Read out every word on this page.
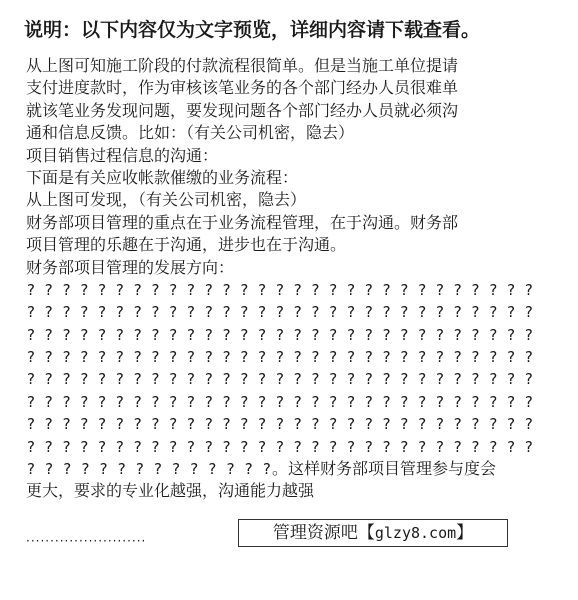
说明：以下内容仅为文字预览，详细内容请下载查看。
从上图可知施工阶段的付款流程很简单。但是当施工单位提请
支付进度款时，作为审核该笔业务的各个部门经办人员很难单
就该笔业务发现问题，要发现问题各个部门经办人员就必须沟
通和信息反馈。比如：（有关公司机密，隐去）
项目销售过程信息的沟通：
下面是有关应收帐款催缴的业务流程：
从上图可发现，（有关公司机密，隐去）
财务部项目管理的重点在于业务流程管理，在于沟通。财务部
项目管理的乐趣在于沟通，进步也在于沟通。
财务部项目管理的发展方向：
? ? ? ? ? ? ? ? ? ? ? ? ? ? ? ? ? ? ? ? ? ? ? ? ? ? ? ? ?
? ? ? ? ? ? ? ? ? ? ? ? ? ? ? ? ? ? ? ? ? ? ? ? ? ? ? ? ?
? ? ? ? ? ? ? ? ? ? ? ? ? ? ? ? ? ? ? ? ? ? ? ? ? ? ? ? ?
? ? ? ? ? ? ? ? ? ? ? ? ? ? ? ? ? ? ? ? ? ? ? ? ? ? ? ? ?
? ? ? ? ? ? ? ? ? ? ? ? ? ? ? ? ? ? ? ? ? ? ? ? ? ? ? ? ?
? ? ? ? ? ? ? ? ? ? ? ? ? ? ? ? ? ? ? ? ? ? ? ? ? ? ? ? ?
? ? ? ? ? ? ? ? ? ? ? ? ? ? ? ? ? ? ? ? ? ? ? ? ? ? ? ? ?
? ? ? ? ? ? ? ? ? ? ? ? ? ? ? ? ? ? ? ? ? ? ? ? ? ? ? ? ?
? ? ? ? ? ? ? ? ? ? ? ? ? ? 。这样财务部项目管理参与度会
更大，要求的专业化越强，沟通能力越强
·························	管理资源吧【glzy8.com】
